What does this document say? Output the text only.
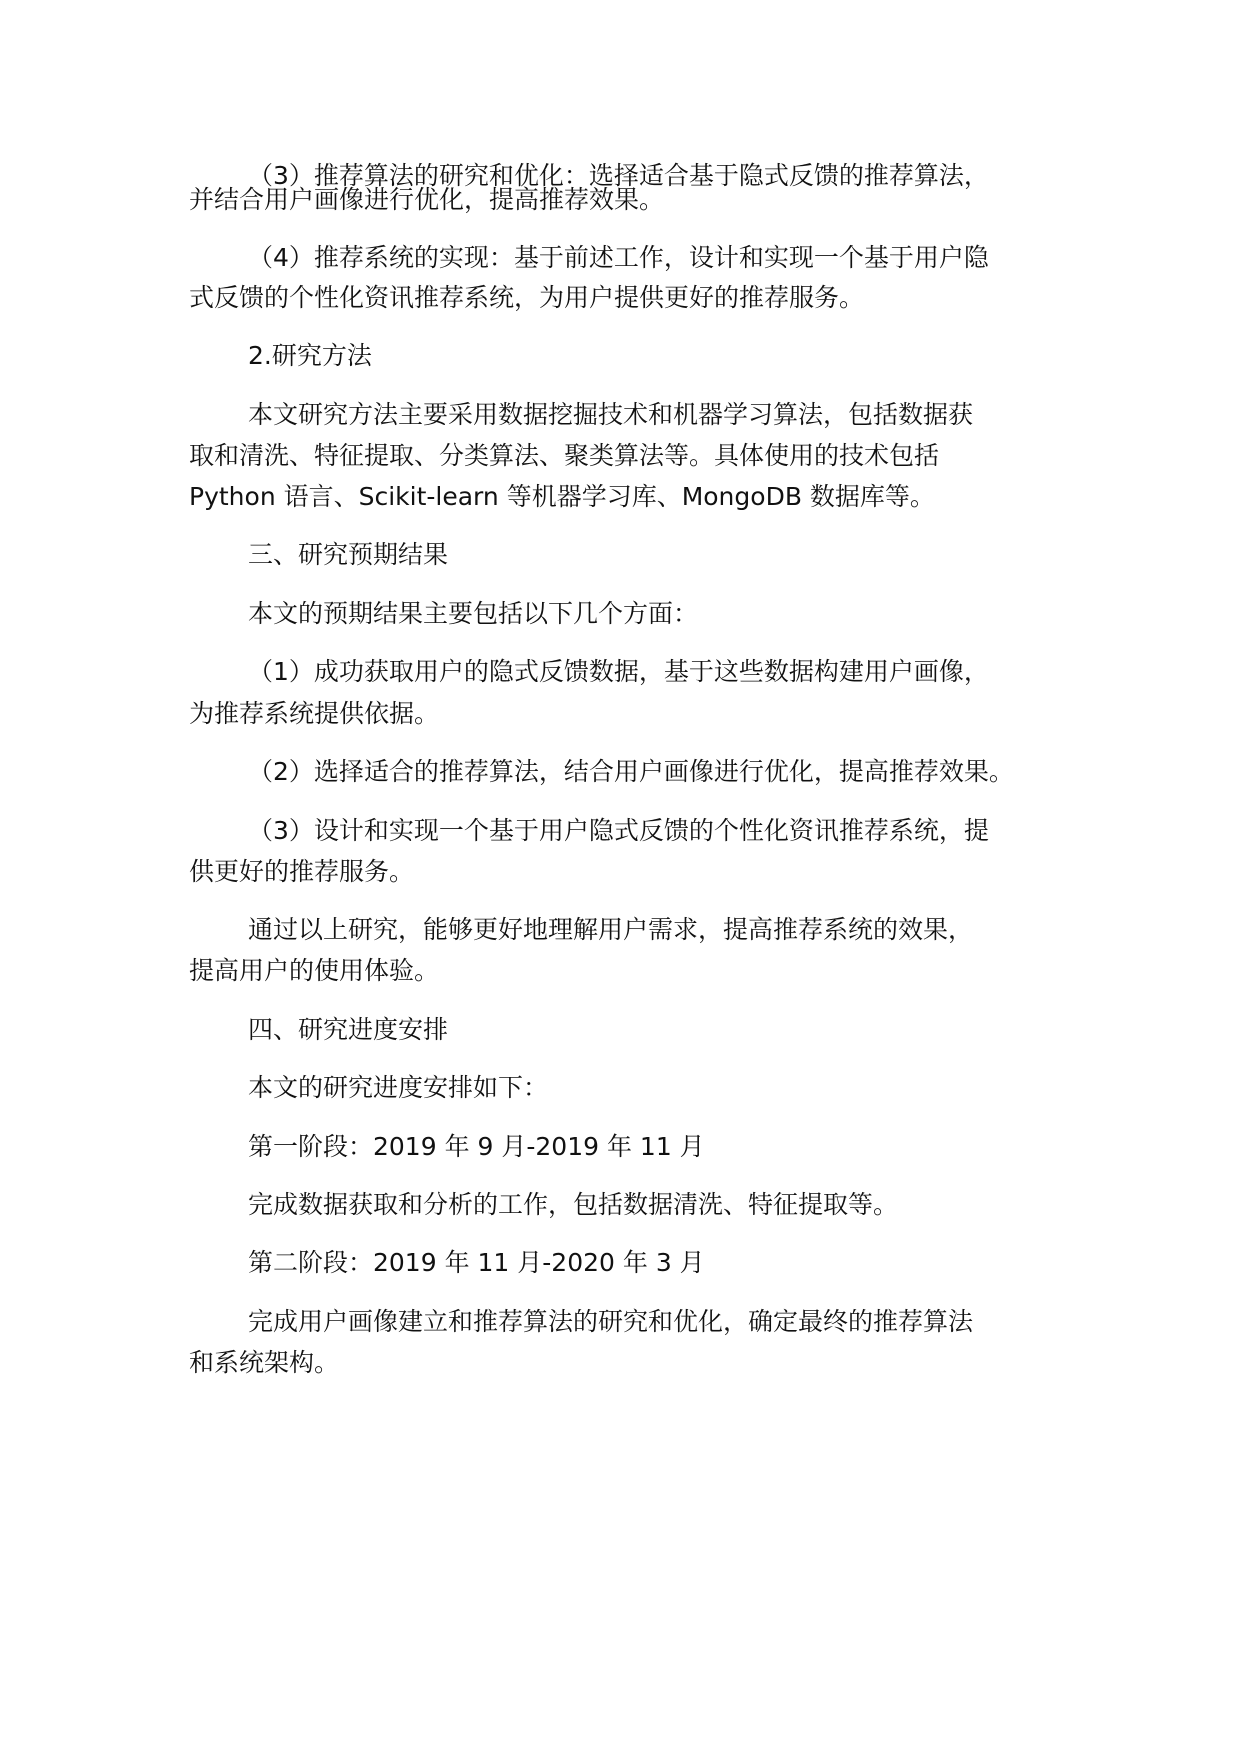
（3）推荐算法的研究和优化：选择适合基于隐式反馈的推荐算法，
并结合用户画像进行优化，提高推荐效果。
（4）推荐系统的实现：基于前述工作，设计和实现一个基于用户隐
式反馈的个性化资讯推荐系统，为用户提供更好的推荐服务。
2.研究方法
本文研究方法主要采用数据挖掘技术和机器学习算法，包括数据获
取和清洗、特征提取、分类算法、聚类算法等。具体使用的技术包括
Python 语言、Scikit-learn 等机器学习库、MongoDB 数据库等。
三、研究预期结果
本文的预期结果主要包括以下几个方面：
（1）成功获取用户的隐式反馈数据，基于这些数据构建用户画像，
为推荐系统提供依据。
（2）选择适合的推荐算法，结合用户画像进行优化，提高推荐效果。
（3）设计和实现一个基于用户隐式反馈的个性化资讯推荐系统，提
供更好的推荐服务。
通过以上研究，能够更好地理解用户需求，提高推荐系统的效果，
提高用户的使用体验。
四、研究进度安排
本文的研究进度安排如下：
第一阶段：2019 年 9 月-2019 年 11 月
完成数据获取和分析的工作，包括数据清洗、特征提取等。
第二阶段：2019 年 11 月-2020 年 3 月
完成用户画像建立和推荐算法的研究和优化，确定最终的推荐算法
和系统架构。
